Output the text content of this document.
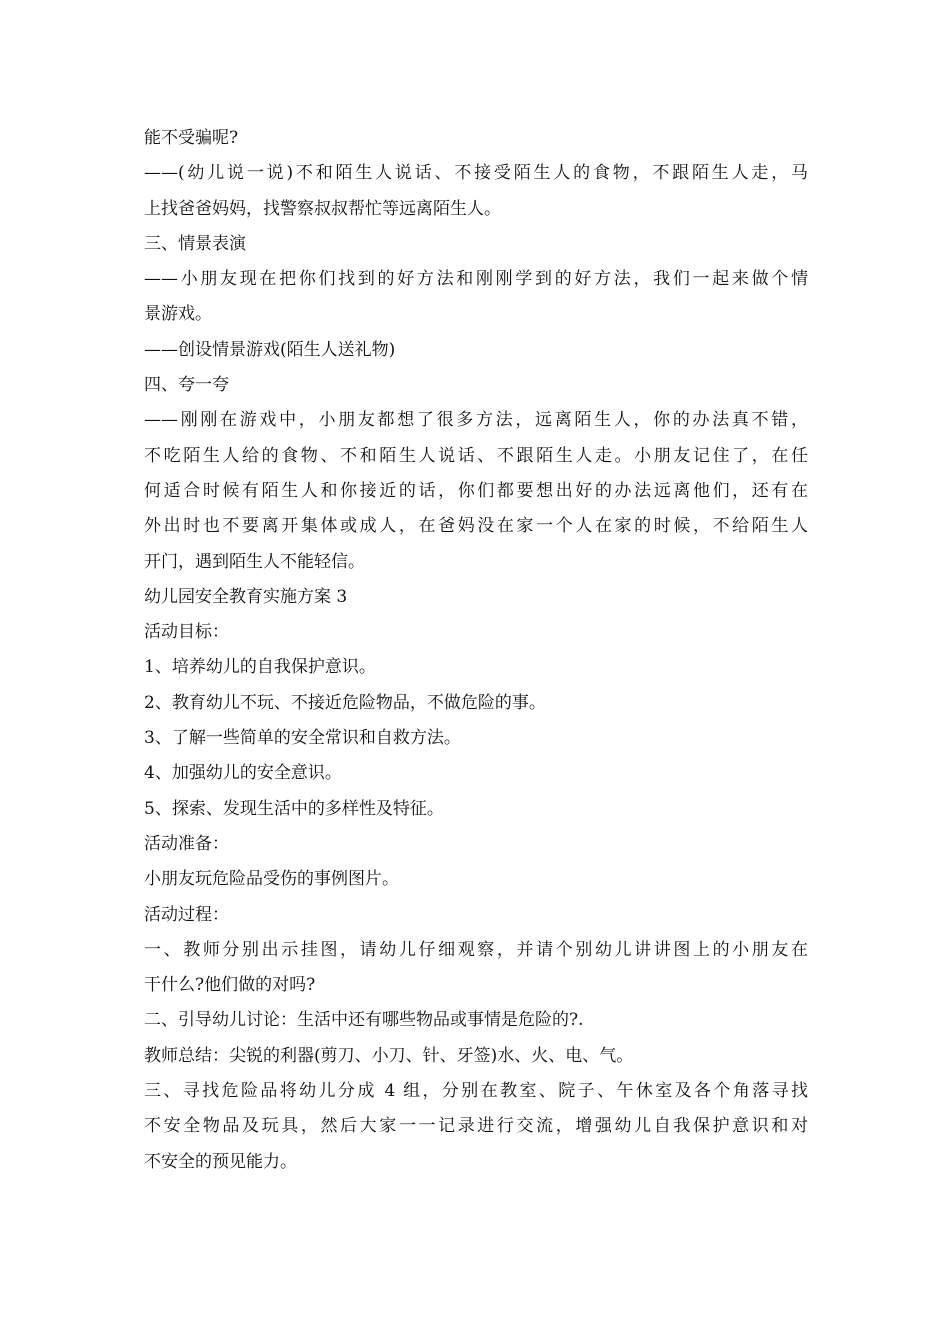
能不受骗呢?
——(幼儿说一说)不和陌生人说话、不接受陌生人的食物，不跟陌生人走，马
上找爸爸妈妈，找警察叔叔帮忙等远离陌生人。
三、情景表演
——小朋友现在把你们找到的好方法和刚刚学到的好方法，我们一起来做个情
景游戏。
——创设情景游戏(陌生人送礼物)
四、夸一夸
——刚刚在游戏中，小朋友都想了很多方法，远离陌生人，你的办法真不错，
不吃陌生人给的食物、不和陌生人说话、不跟陌生人走。小朋友记住了，在任
何适合时候有陌生人和你接近的话，你们都要想出好的办法远离他们，还有在
外出时也不要离开集体或成人，在爸妈没在家一个人在家的时候，不给陌生人
开门，遇到陌生人不能轻信。
幼儿园安全教育实施方案 3
活动目标：
1、培养幼儿的自我保护意识。
2、教育幼儿不玩、不接近危险物品，不做危险的事。
3、了解一些简单的安全常识和自救方法。
4、加强幼儿的安全意识。
5、探索、发现生活中的多样性及特征。
活动准备：
小朋友玩危险品受伤的事例图片。
活动过程：
一、教师分别出示挂图，请幼儿仔细观察，并请个别幼儿讲讲图上的小朋友在
干什么?他们做的对吗?
二、引导幼儿讨论：生活中还有哪些物品或事情是危险的?.
教师总结：尖锐的利器(剪刀、小刀、针、牙签)水、火、电、气。
三、寻找危险品将幼儿分成 4 组，分别在教室、院子、午休室及各个角落寻找
不安全物品及玩具，然后大家一一记录进行交流，增强幼儿自我保护意识和对
不安全的预见能力。
